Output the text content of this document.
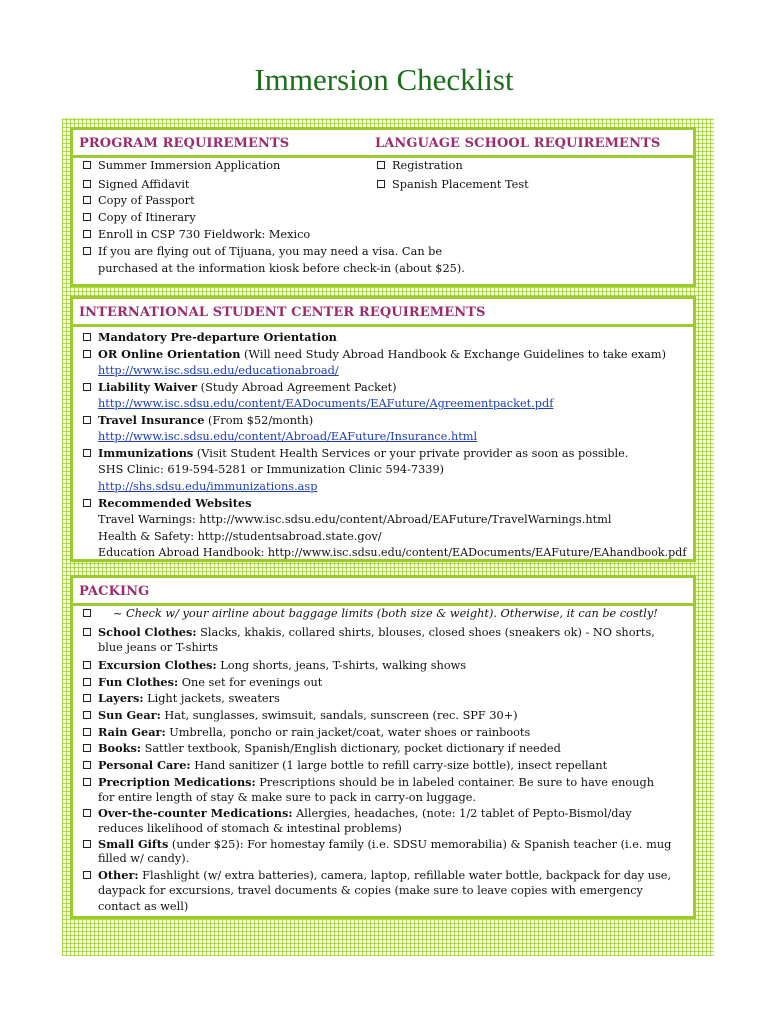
Immersion Checklist
PROGRAM REQUIREMENTS	LANGUAGE SCHOOL REQUIREMENTS
Summer Immersion Application
Signed Affidavit
Copy of Passport
Copy of Itinerary
Enroll in CSP 730 Fieldwork: Mexico
If you are flying out of Tijuana, you may need a visa. Can be
purchased at the information kiosk before check-in (about $25).
Registration
Spanish Placement Test
INTERNATIONAL STUDENT CENTER REQUIREMENTS
Mandatory Pre-departure Orientation
OR Online Orientation (Will need Study Abroad Handbook & Exchange Guidelines to take exam)
http://www.isc.sdsu.edu/educationabroad/
Liability Waiver (Study Abroad Agreement Packet)
http://www.isc.sdsu.edu/content/EADocuments/EAFuture/Agreementpacket.pdf
Travel Insurance (From $52/month)
http://www.isc.sdsu.edu/content/Abroad/EAFuture/Insurance.html
Immunizations (Visit Student Health Services or your private provider as soon as possible.
SHS Clinic: 619-594-5281 or Immunization Clinic 594-7339)
http://shs.sdsu.edu/immunizations.asp
Recommended Websites
Travel Warnings: http://www.isc.sdsu.edu/content/Abroad/EAFuture/TravelWarnings.html
Health & Safety: http://studentsabroad.state.gov/
Education Abroad Handbook: http://www.isc.sdsu.edu/content/EADocuments/EAFuture/EAhandbook.pdf
PACKING
~ Check w/ your airline about baggage limits (both size & weight). Otherwise, it can be costly!
School Clothes: Slacks, khakis, collared shirts, blouses, closed shoes (sneakers ok) - NO shorts,
blue jeans or T-shirts
Excursion Clothes: Long shorts, jeans, T-shirts, walking shows
Fun Clothes: One set for evenings out
Layers: Light jackets, sweaters
Sun Gear: Hat, sunglasses, swimsuit, sandals, sunscreen (rec. SPF 30+)
Rain Gear: Umbrella, poncho or rain jacket/coat, water shoes or rainboots
Books: Sattler textbook, Spanish/English dictionary, pocket dictionary if needed
Personal Care: Hand sanitizer (1 large bottle to refill carry-size bottle), insect repellant
Precription Medications: Prescriptions should be in labeled container. Be sure to have enough
for entire length of stay & make sure to pack in carry-on luggage.
Over-the-counter Medications: Allergies, headaches, (note: 1/2 tablet of Pepto-Bismol/day
reduces likelihood of stomach & intestinal problems)
Small Gifts (under $25): For homestay family (i.e. SDSU memorabilia) & Spanish teacher (i.e. mug
filled w/ candy).
Other: Flashlight (w/ extra batteries), camera, laptop, refillable water bottle, backpack for day use,
daypack for excursions, travel documents & copies (make sure to leave copies with emergency
contact as well)
